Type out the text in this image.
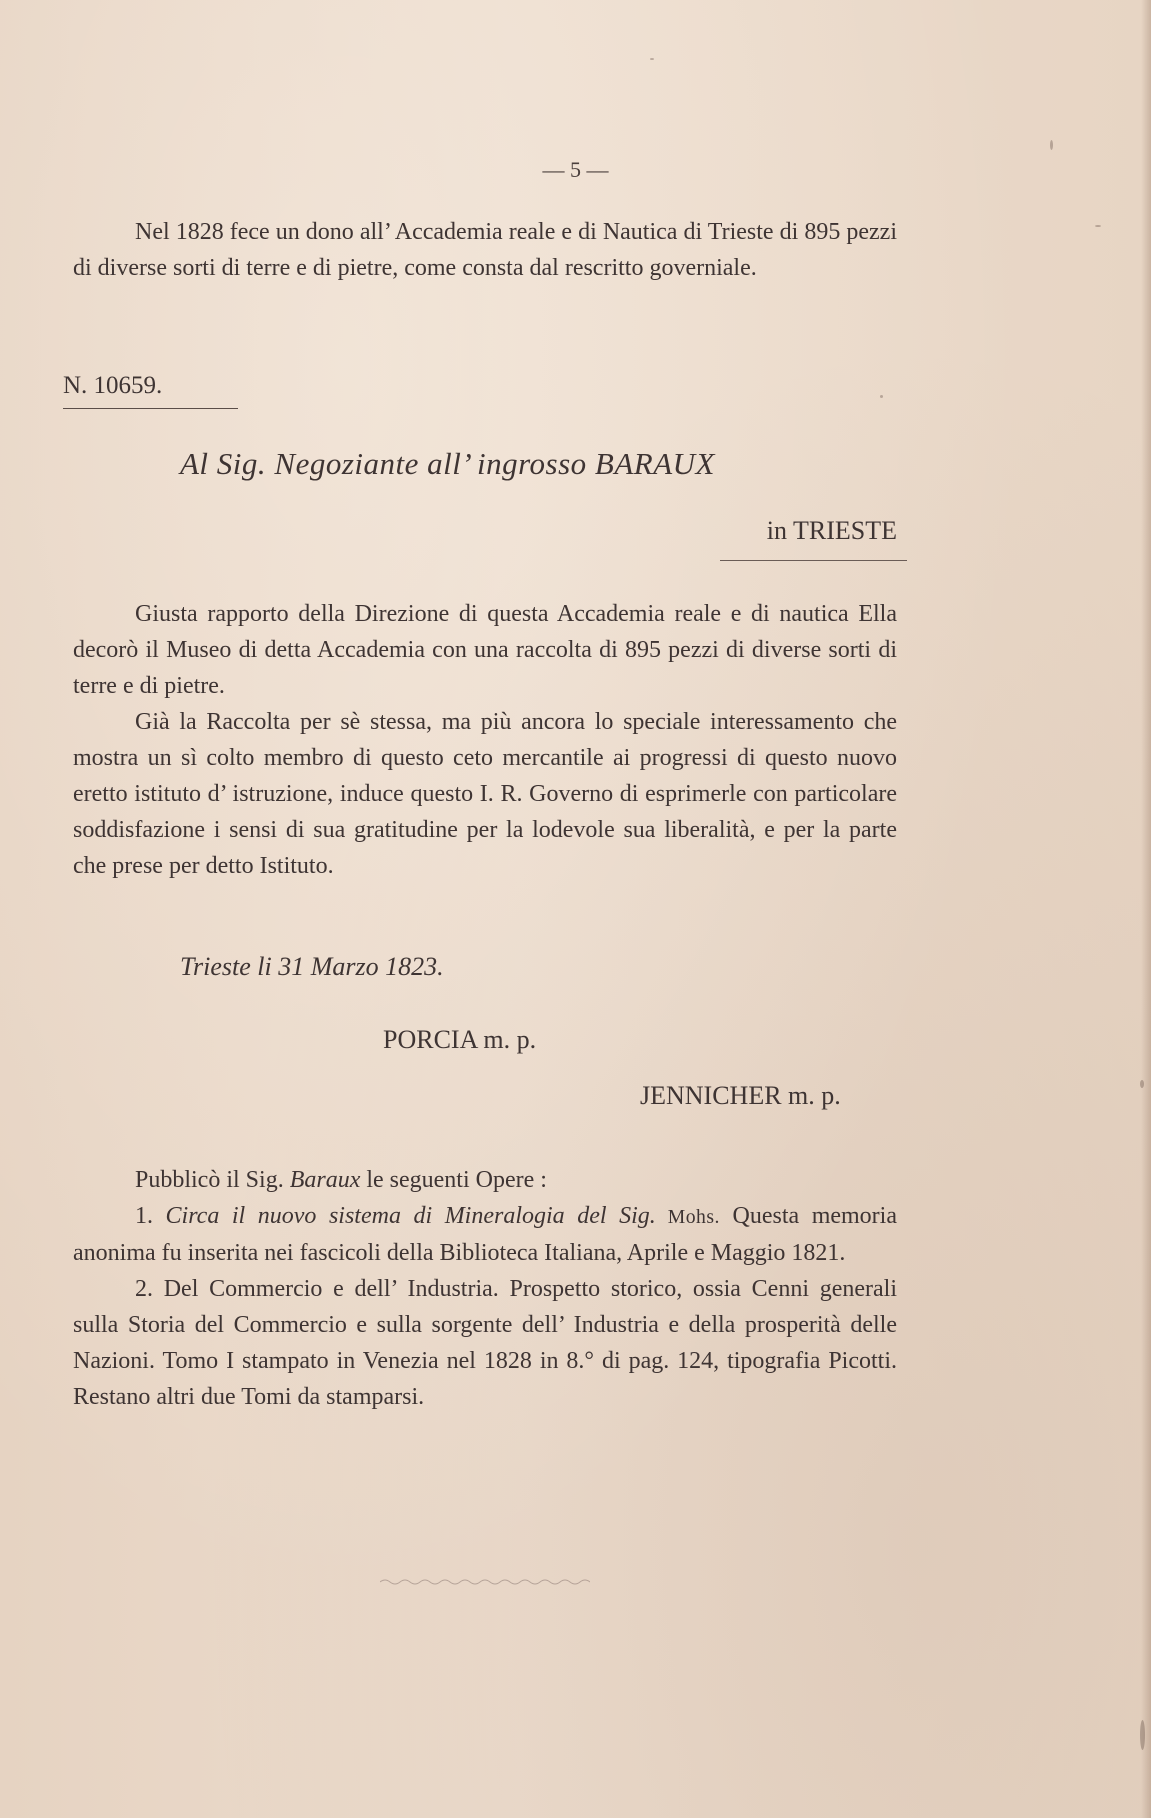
— 5 —

Nel 1828 fece un dono all’ Accademia reale e di Nautica di Trieste di 895 pezzi di diverse sorti di terre e di pietre, come consta dal rescritto governiale.

N. 10659.
Al Sig. Negoziante all’ ingrosso BARAUX
in TRIESTE

Giusta rapporto della Direzione di questa Accademia reale e di nautica Ella decorò il Museo di detta Accademia con una raccolta di 895 pezzi di diverse sorti di terre e di pietre.

Già la Raccolta per sè stessa, ma più ancora lo speciale interessamento che mostra un sì colto membro di questo ceto mercantile ai progressi di questo nuovo eretto istituto d’ istruzione, induce questo I. R. Governo di esprimerle con particolare soddisfazione i sensi di sua gratitudine per la lodevole sua liberalità, e per la parte che prese per detto Istituto.

Trieste li 31 Marzo 1823.
PORCIA m. p.
JENNICHER m. p.

Pubblicò il Sig. Baraux le seguenti Opere :

1. Circa il nuovo sistema di Mineralogia del Sig. Mohs. Questa memoria anonima fu inserita nei fascicoli della Biblioteca Italiana, Aprile e Maggio 1821.

2. Del Commercio e dell’ Industria. Prospetto storico, ossia Cenni generali sulla Storia del Commercio e sulla sorgente dell’ Industria e della prosperità delle Nazioni. Tomo I stampato in Venezia nel 1828 in 8.° di pag. 124, tipografia Picotti. Restano altri due Tomi da stamparsi.
